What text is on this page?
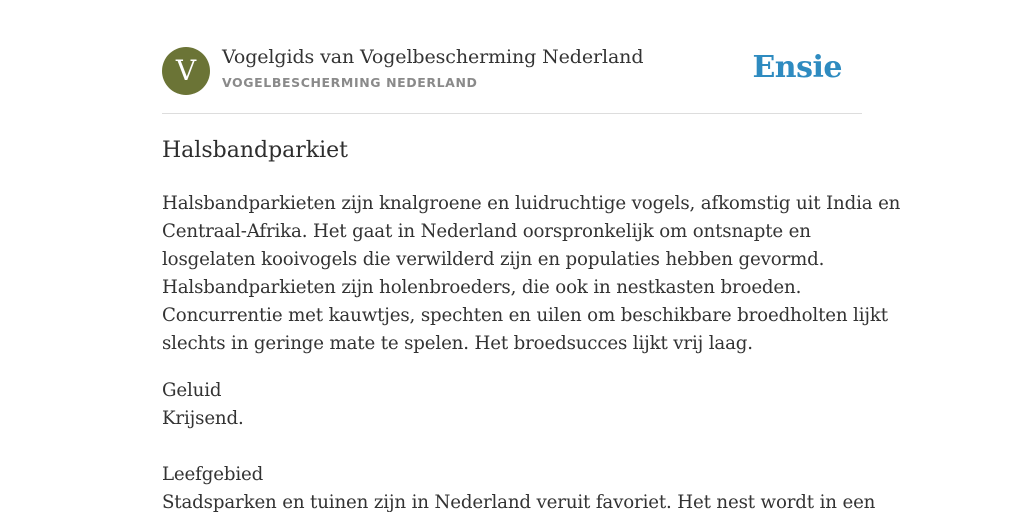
V	Vogelgids van Vogelbescherming Nederland
VOGELBESCHERMING NEDERLAND	Ensie
Halsbandparkiet

Halsbandparkieten zijn knalgroene en luidruchtige vogels, afkomstig uit India en
Centraal-Afrika. Het gaat in Nederland oorspronkelijk om ontsnapte en
losgelaten kooivogels die verwilderd zijn en populaties hebben gevormd.
Halsbandparkieten zijn holenbroeders, die ook in nestkasten broeden.
Concurrentie met kauwtjes, spechten en uilen om beschikbare broedholten lijkt
slechts in geringe mate te spelen. Het broedsucces lijkt vrij laag.

Geluid
Krijsend.
Leefgebied
Stadsparken en tuinen zijn in Nederland veruit favoriet. Het nest wordt in een
